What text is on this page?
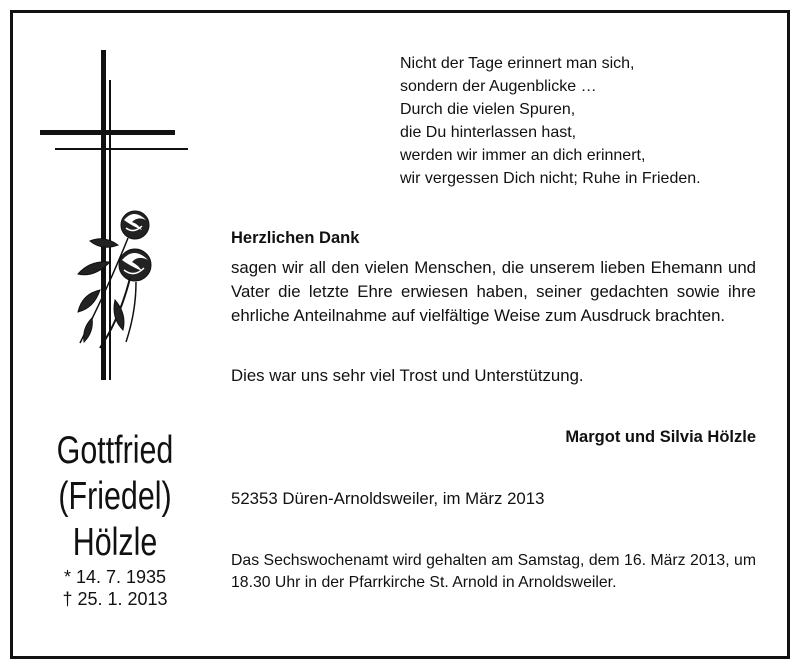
Nicht der Tage erinnert man sich,
sondern der Augenblicke …
Durch die vielen Spuren,
die Du hinterlassen hast,
werden wir immer an dich erinnert,
wir vergessen Dich nicht; Ruhe in Frieden.
Herzlichen Dank

sagen wir all den vielen Menschen, die unserem lieben Ehemann und Vater die letzte Ehre erwiesen haben, seiner gedachten sowie ihre ehrliche Anteilnahme auf vielfältige Weise zum Ausdruck brachten.

Dies war uns sehr viel Trost und Unterstützung.
Margot und Silvia Hölzle
52353 Düren-Arnoldsweiler, im März 2013

Das Sechswochenamt wird gehalten am Samstag, dem 16. März 2013, um 18.30 Uhr in der Pfarrkirche St. Arnold in Arnoldsweiler.

Gottfried
(Friedel)
Hölzle
* 14. 7. 1935
† 25. 1. 2013
